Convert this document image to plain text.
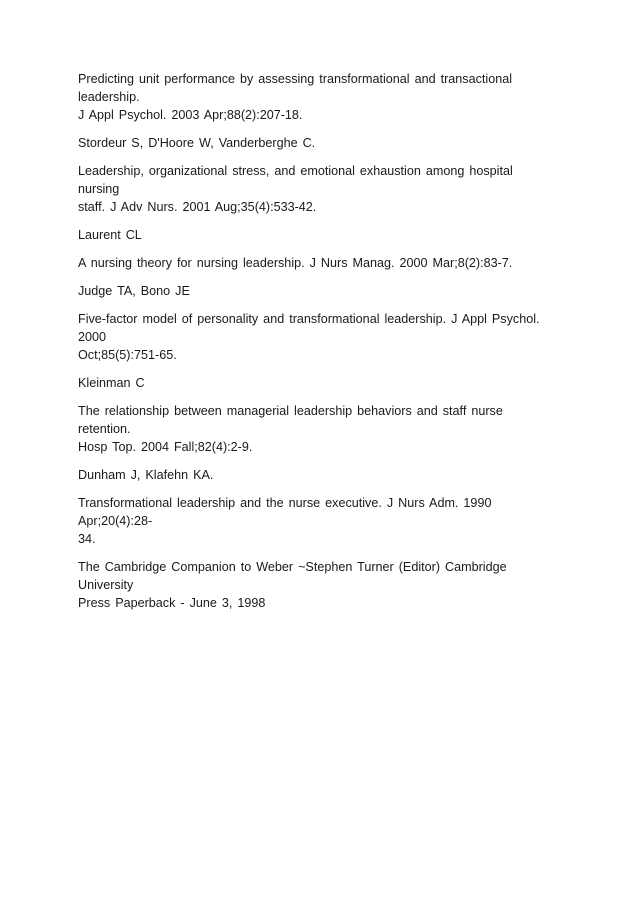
Predicting unit performance by assessing transformational and transactional leadership.
J Appl Psychol. 2003 Apr;88(2):207-18.

Stordeur S, D'Hoore W, Vanderberghe C.

Leadership, organizational stress, and emotional exhaustion among hospital nursing
staff. J Adv Nurs. 2001 Aug;35(4):533-42.

Laurent CL

A nursing theory for nursing leadership. J Nurs Manag. 2000 Mar;8(2):83-7.

Judge TA, Bono JE

Five-factor model of personality and transformational leadership. J Appl Psychol. 2000
Oct;85(5):751-65.

Kleinman C

The relationship between managerial leadership behaviors and staff nurse retention.
Hosp Top. 2004 Fall;82(4):2-9.

Dunham J, Klafehn KA.

Transformational leadership and the nurse executive. J Nurs Adm. 1990 Apr;20(4):28-
34.

The Cambridge Companion to Weber ~Stephen Turner (Editor) Cambridge University
Press Paperback - June 3, 1998
